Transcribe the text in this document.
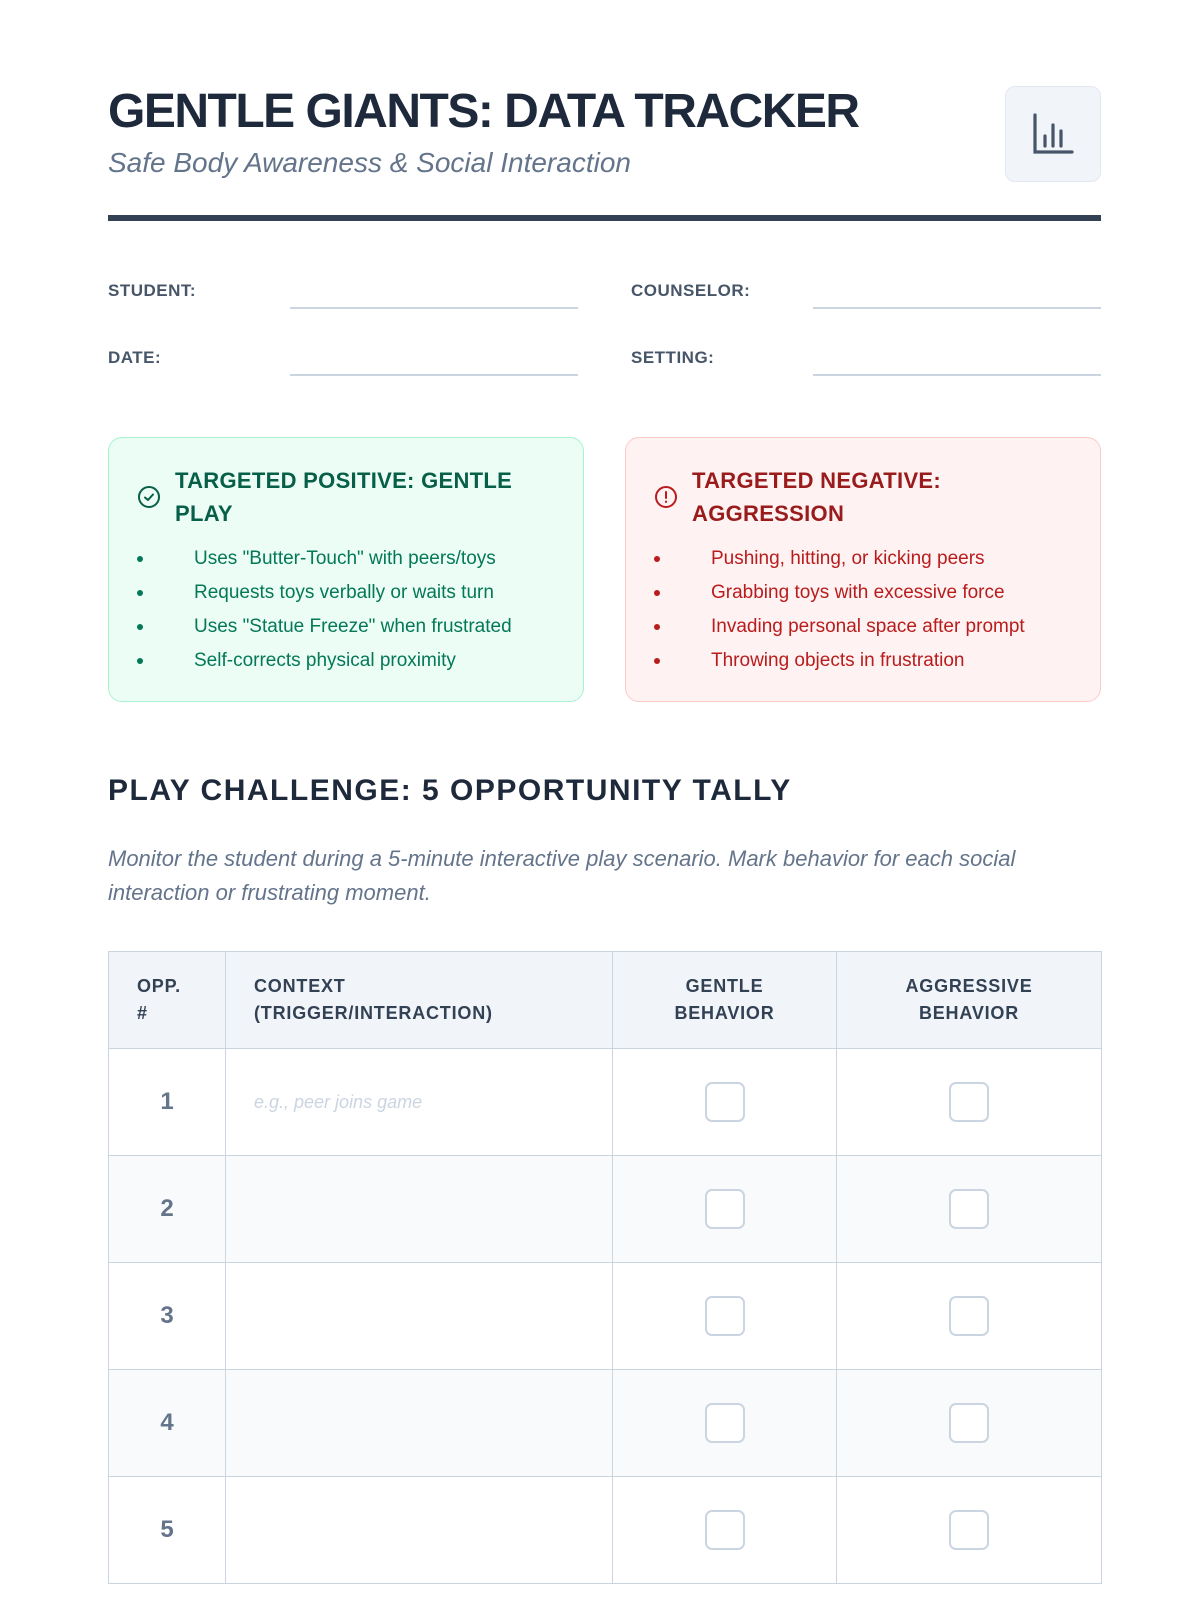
GENTLE GIANTS: DATA TRACKER
Safe Body Awareness & Social Interaction
STUDENT:	COUNSELOR:
DATE:	SETTING:
TARGETED POSITIVE: GENTLE PLAY
Uses "Butter-Touch" with peers/toys
Requests toys verbally or waits turn
Uses "Statue Freeze" when frustrated
Self-corrects physical proximity
TARGETED NEGATIVE: AGGRESSION
Pushing, hitting, or kicking peers
Grabbing toys with excessive force
Invading personal space after prompt
Throwing objects in frustration
PLAY CHALLENGE: 5 OPPORTUNITY TALLY
Monitor the student during a 5-minute interactive play scenario. Mark behavior for each social interaction or frustrating moment.
OPP. #	CONTEXT (TRIGGER/INTERACTION)	GENTLE BEHAVIOR	AGGRESSIVE BEHAVIOR
1	e.g., peer joins game		
2			
3			
4			
5			
